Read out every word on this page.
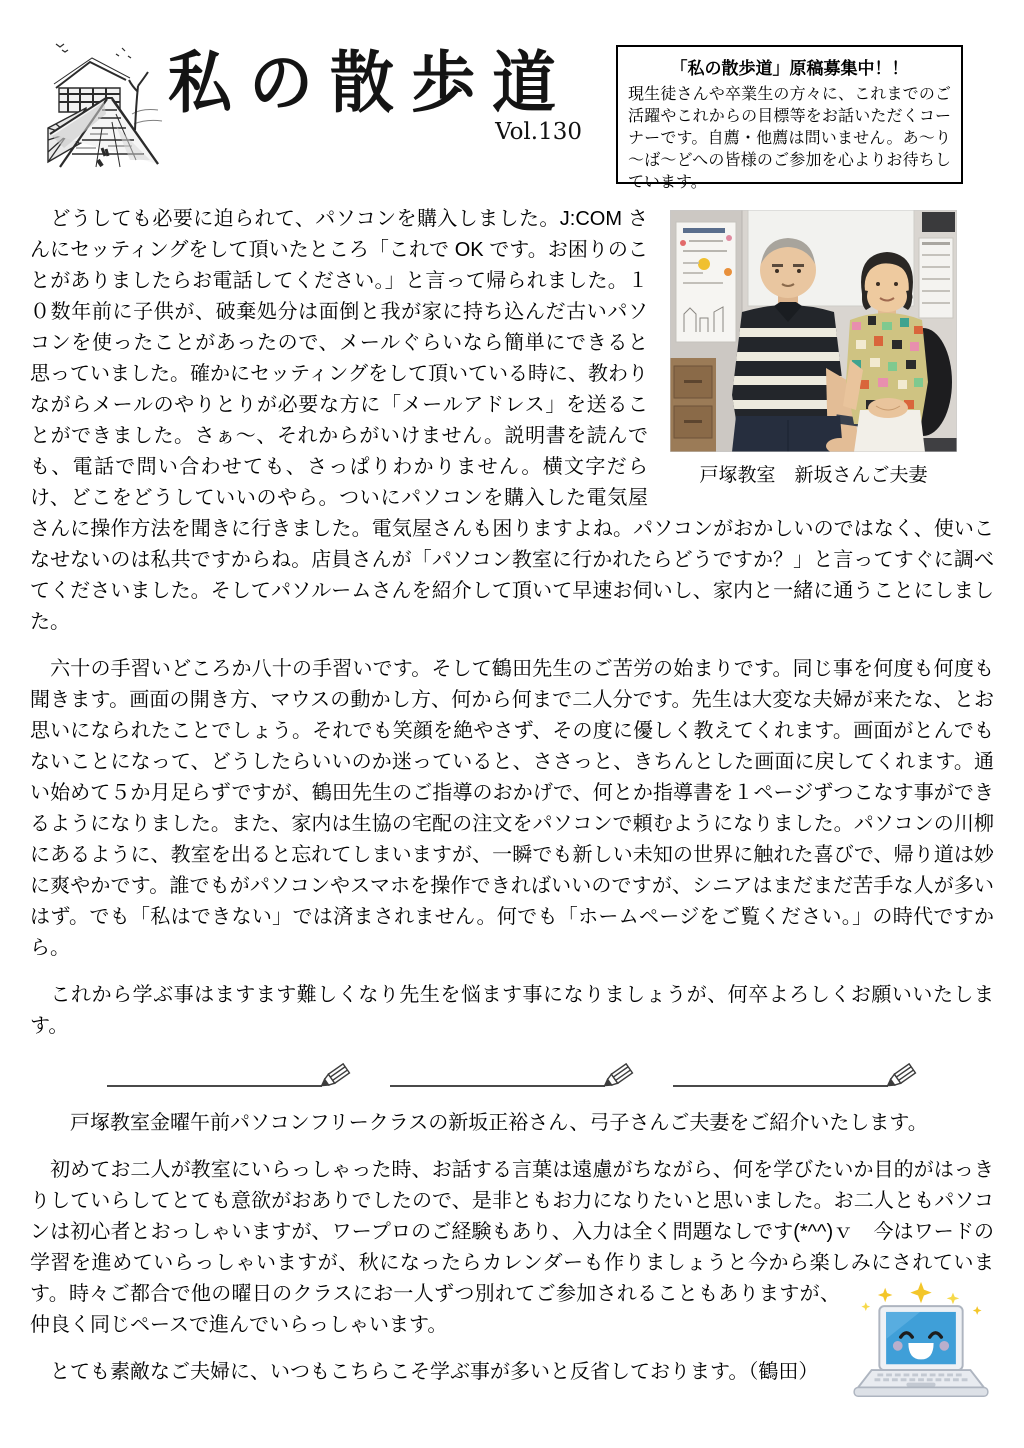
私の散歩道
Vol.130
「私の散歩道」原稿募集中！！
現生徒さんや卒業生の方々に、これまでのご活躍やこれからの目標等をお話いただくコーナーです。自薦・他薦は問いません。あ～り～ば～どへの皆様のご参加を心よりお待ちしています。
戸塚教室　新坂さんご夫妻

　どうしても必要に迫られて、パソコンを購入しました。J:COM さんにセッティングをして頂いたところ「これで OK です。お困りのことがありましたらお電話してください。」と言って帰られました。１０数年前に子供が、破棄処分は面倒と我が家に持ち込んだ古いパソコンを使ったことがあったので、メールぐらいなら簡単にできると思っていました。確かにセッティングをして頂いている時に、教わりながらメールのやりとりが必要な方に「メールアドレス」を送ることができました。さぁ～、それからがいけません。説明書を読んでも、電話で問い合わせても、さっぱりわかりません。横文字だらけ、どこをどうしていいのやら。ついにパソコンを購入した電気屋さんに操作方法を聞きに行きました。電気屋さんも困りますよね。パソコンがおかしいのではなく、使いこなせないのは私共ですからね。店員さんが「パソコン教室に行かれたらどうですか？」と言ってすぐに調べてくださいました。そしてパソルームさんを紹介して頂いて早速お伺いし、家内と一緒に通うことにしました。

　六十の手習いどころか八十の手習いです。そして鶴田先生のご苦労の始まりです。同じ事を何度も何度も聞きます。画面の開き方、マウスの動かし方、何から何まで二人分です。先生は大変な夫婦が来たな、とお思いになられたことでしょう。それでも笑顔を絶やさず、その度に優しく教えてくれます。画面がとんでもないことになって、どうしたらいいのか迷っていると、ささっと、きちんとした画面に戻してくれます。通い始めて５か月足らずですが、鶴田先生のご指導のおかげで、何とか指導書を１ページずつこなす事ができるようになりました。また、家内は生協の宅配の注文をパソコンで頼むようになりました。パソコンの川柳にあるように、教室を出ると忘れてしまいますが、一瞬でも新しい未知の世界に触れた喜びで、帰り道は妙に爽やかです。誰でもがパソコンやスマホを操作できればいいのですが、シニアはまだまだ苦手な人が多いはず。でも「私はできない」では済まされません。何でも「ホームページをご覧ください。」の時代ですから。

　これから学ぶ事はますます難しくなり先生を悩ます事になりましょうが、何卒よろしくお願いいたします。

　　戸塚教室金曜午前パソコンフリークラスの新坂正裕さん、弓子さんご夫妻をご紹介いたします。

　初めてお二人が教室にいらっしゃった時、お話する言葉は遠慮がちながら、何を学びたいか目的がはっきりしていらしてとても意欲がおありでしたので、是非ともお力になりたいと思いました。お二人ともパソコンは初心者とおっしゃいますが、ワープロのご経験もあり、入力は全く問題なしです(*^^)ｖ　今はワードの学習を進めていらっしゃいますが、秋になったらカレンダーも作りましょうと今から楽しみにされています。時々ご都合で他の曜日のクラスにお一人ずつ別れてご参加されることもありますが、仲良く同じペースで進んでいらっしゃいます。

　とても素敵なご夫婦に、いつもこちらこそ学ぶ事が多いと反省しております。（鶴田）
